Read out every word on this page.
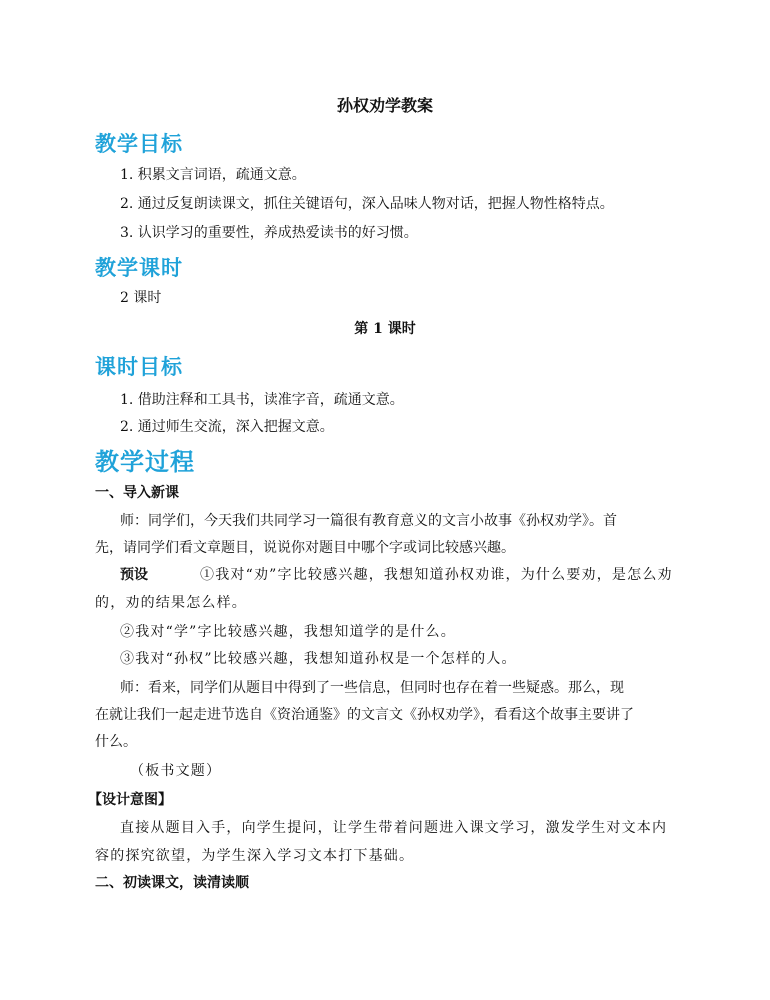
孙权劝学教案
教学目标
1. 积累文言词语，疏通文意。
2. 通过反复朗读课文，抓住关键语句，深入品味人物对话，把握人物性格特点。
3. 认识学习的重要性，养成热爱读书的好习惯。
教学课时
2 课时
第 1 课时
课时目标
1. 借助注释和工具书，读准字音，疏通文意。
2. 通过师生交流，深入把握文意。
教学过程
一、导入新课
师：同学们，今天我们共同学习一篇很有教育意义的文言小故事《孙权劝学》。首
先，请同学们看文章题目，说说你对题目中哪个字或词比较感兴趣。
预设	①我对“劝”字比较感兴趣，我想知道孙权劝谁，为什么要劝，是怎么劝
的，劝的结果怎么样。
②我对“学”字比较感兴趣，我想知道学的是什么。
③我对“孙权”比较感兴趣，我想知道孙权是一个怎样的人。
师：看来，同学们从题目中得到了一些信息，但同时也存在着一些疑惑。那么，现
在就让我们一起走进节选自《资治通鉴》的文言文《孙权劝学》，看看这个故事主要讲了
什么。
（板书文题）
【设计意图】
直接从题目入手，向学生提问，让学生带着问题进入课文学习，激发学生对文本内
容的探究欲望，为学生深入学习文本打下基础。
二、初读课文，读清读顺
